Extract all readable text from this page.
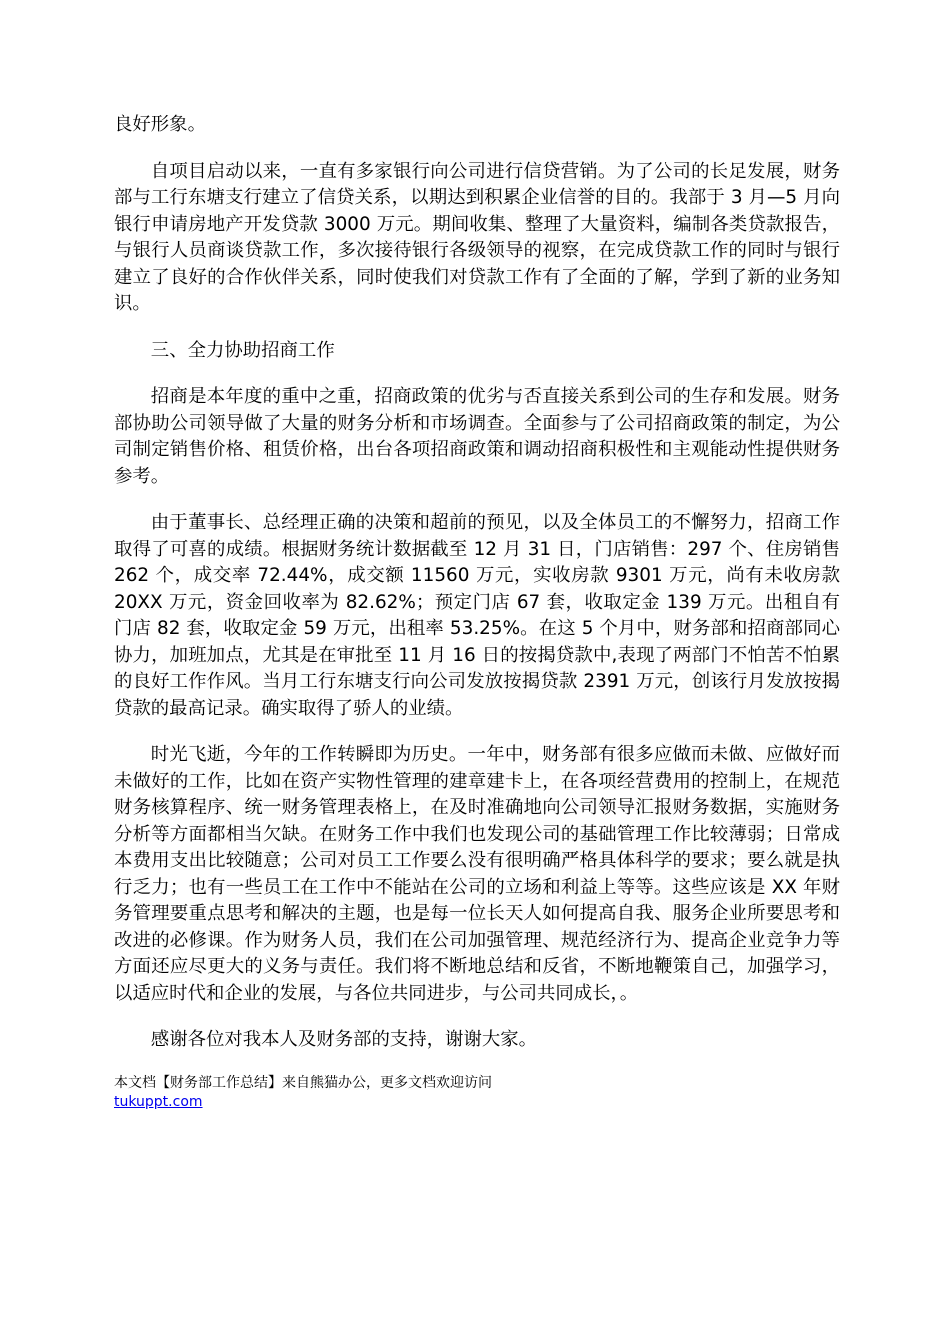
良好形象。

自项目启动以来，一直有多家银行向公司进行信贷营销。为了公司的长足发展，财务部与工行东塘支行建立了信贷关系，以期达到积累企业信誉的目的。我部于 3 月—5 月向银行申请房地产开发贷款 3000 万元。期间收集、整理了大量资料，编制各类贷款报告，与银行人员商谈贷款工作，多次接待银行各级领导的视察，在完成贷款工作的同时与银行建立了良好的合作伙伴关系，同时使我们对贷款工作有了全面的了解，学到了新的业务知识。

三、全力协助招商工作

招商是本年度的重中之重，招商政策的优劣与否直接关系到公司的生存和发展。财务部协助公司领导做了大量的财务分析和市场调查。全面参与了公司招商政策的制定，为公司制定销售价格、租赁价格，出台各项招商政策和调动招商积极性和主观能动性提供财务参考。

由于董事长、总经理正确的决策和超前的预见，以及全体员工的不懈努力，招商工作取得了可喜的成绩。根据财务统计数据截至 12 月 31 日，门店销售：297 个、住房销售 262 个，成交率 72.44%，成交额 11560 万元，实收房款 9301 万元，尚有未收房款 20XX 万元，资金回收率为 82.62%；预定门店 67 套，收取定金 139 万元。出租自有门店 82 套，收取定金 59 万元，出租率 53.25%。在这 5 个月中，财务部和招商部同心协力，加班加点，尤其是在审批至 11 月 16 日的按揭贷款中,表现了两部门不怕苦不怕累的良好工作作风。当月工行东塘支行向公司发放按揭贷款 2391 万元，创该行月发放按揭贷款的最高记录。确实取得了骄人的业绩。

时光飞逝，今年的工作转瞬即为历史。一年中，财务部有很多应做而未做、应做好而未做好的工作，比如在资产实物性管理的建章建卡上，在各项经营费用的控制上，在规范财务核算程序、统一财务管理表格上，在及时准确地向公司领导汇报财务数据，实施财务分析等方面都相当欠缺。在财务工作中我们也发现公司的基础管理工作比较薄弱；日常成本费用支出比较随意；公司对员工工作要么没有很明确严格具体科学的要求；要么就是执行乏力；也有一些员工在工作中不能站在公司的立场和利益上等等。这些应该是 XX 年财务管理要重点思考和解决的主题，也是每一位长天人如何提高自我、服务企业所要思考和改进的必修课。作为财务人员，我们在公司加强管理、规范经济行为、提高企业竞争力等方面还应尽更大的义务与责任。我们将不断地总结和反省，不断地鞭策自己，加强学习，以适应时代和企业的发展，与各位共同进步，与公司共同成长，。

感谢各位对我本人及财务部的支持，谢谢大家。

本文档【财务部工作总结】来自熊猫办公，更多文档欢迎访问
tukuppt.com
